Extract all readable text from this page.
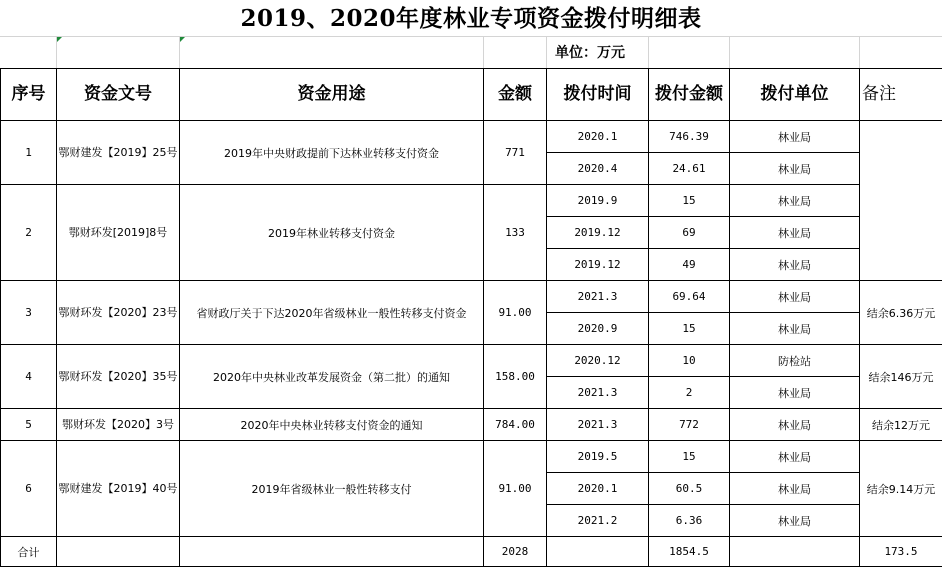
2019、2020年度林业专项资金拨付明细表
单位：万元
序号	资金文号	资金用途	金额	拨付时间	拨付金额	拨付单位	备注
1	鄂财建发【2019】25号	2019年中央财政提前下达林业转移支付资金	771	2020.1	746.39	林业局	
				2020.4	24.61	林业局	
2	鄂财环发[2019]8号	2019年林业转移支付资金	133	2019.9	15	林业局	
				2019.12	69	林业局	
				2019.12	49	林业局	
3	鄂财环发【2020】23号	省财政厅关于下达2020年省级林业一般性转移支付资金	91.00	2021.3	69.64	林业局	结余6.36万元
				2020.9	15	林业局	
4	鄂财环发【2020】35号	2020年中央林业改革发展资金（第二批）的通知	158.00	2020.12	10	防检站	结余146万元
				2021.3	2	林业局	
5	鄂财环发【2020】3号	2020年中央林业转移支付资金的通知	784.00	2021.3	772	林业局	结余12万元
6	鄂财建发【2019】40号	2019年省级林业一般性转移支付	91.00	2019.5	15	林业局	结余9.14万元
				2020.1	60.5	林业局	
				2021.2	6.36	林业局	
合计			2028		1854.5		173.5
